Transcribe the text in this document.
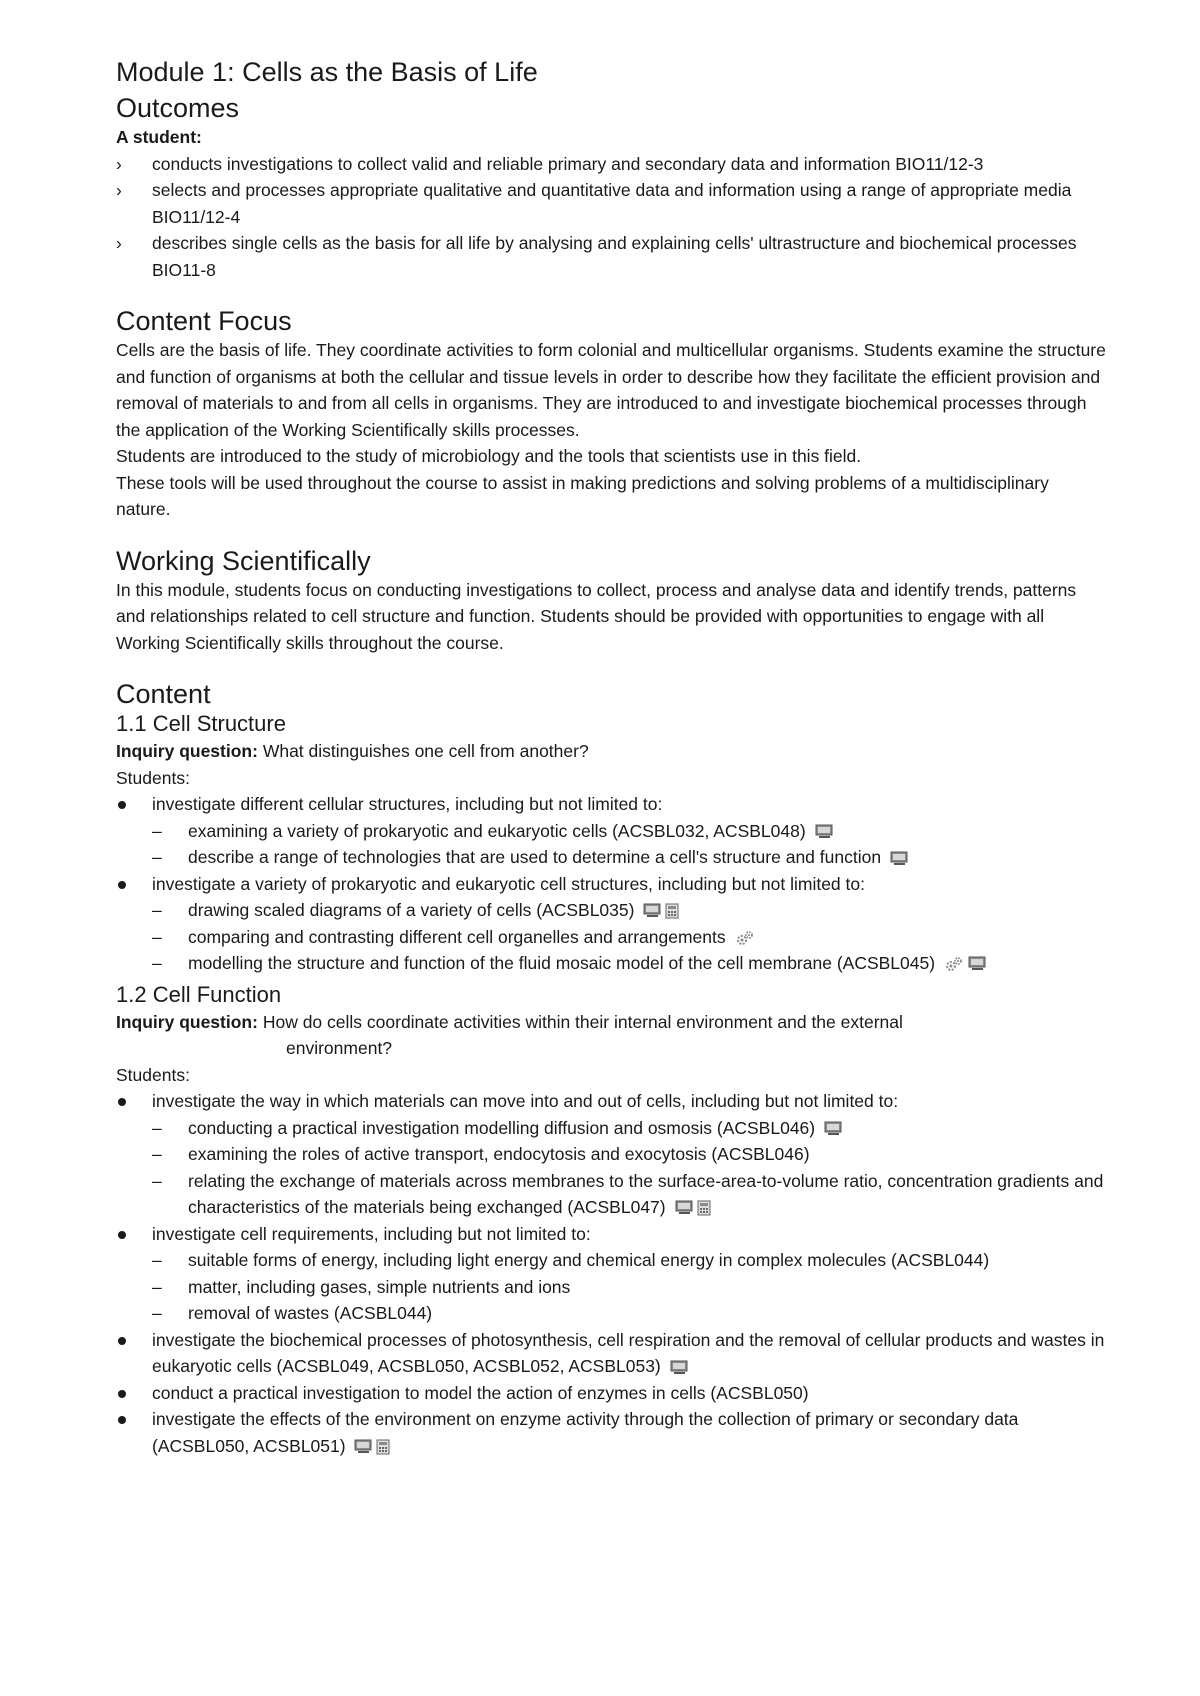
Module 1: Cells as the Basis of Life
Outcomes

A student:

› conducts investigations to collect valid and reliable primary and secondary data and information BIO11/12-3
› selects and processes appropriate qualitative and quantitative data and information using a range of appropriate media BIO11/12-4
› describes single cells as the basis for all life by analysing and explaining cells' ultrastructure and biochemical processes BIO11-8
Content Focus

Cells are the basis of life. They coordinate activities to form colonial and multicellular organisms. Students examine the structure and function of organisms at both the cellular and tissue levels in order to describe how they facilitate the efficient provision and removal of materials to and from all cells in organisms. They are introduced to and investigate biochemical processes through the application of the Working Scientifically skills processes.

Students are introduced to the study of microbiology and the tools that scientists use in this field.

These tools will be used throughout the course to assist in making predictions and solving problems of a multidisciplinary nature.

Working Scientifically

In this module, students focus on conducting investigations to collect, process and analyse data and identify trends, patterns and relationships related to cell structure and function. Students should be provided with opportunities to engage with all Working Scientifically skills throughout the course.

Content
1.1 Cell Structure

Inquiry question: What distinguishes one cell from another?

Students:

investigate different cellular structures, including but not limited to:
– examining a variety of prokaryotic and eukaryotic cells (ACSBL032, ACSBL048)
– describe a range of technologies that are used to determine a cell's structure and function
investigate a variety of prokaryotic and eukaryotic cell structures, including but not limited to:
– drawing scaled diagrams of a variety of cells (ACSBL035)
– comparing and contrasting different cell organelles and arrangements
– modelling the structure and function of the fluid mosaic model of the cell membrane (ACSBL045)
1.2 Cell Function

Inquiry question: How do cells coordinate activities within their internal environment and the external
environment?

Students:

investigate the way in which materials can move into and out of cells, including but not limited to:
– conducting a practical investigation modelling diffusion and osmosis (ACSBL046)
– examining the roles of active transport, endocytosis and exocytosis (ACSBL046)
– relating the exchange of materials across membranes to the surface-area-to-volume ratio, concentration gradients and characteristics of the materials being exchanged (ACSBL047)
investigate cell requirements, including but not limited to:
– suitable forms of energy, including light energy and chemical energy in complex molecules (ACSBL044)
– matter, including gases, simple nutrients and ions
– removal of wastes (ACSBL044)
investigate the biochemical processes of photosynthesis, cell respiration and the removal of cellular products and wastes in eukaryotic cells (ACSBL049, ACSBL050, ACSBL052, ACSBL053)
conduct a practical investigation to model the action of enzymes in cells (ACSBL050)
investigate the effects of the environment on enzyme activity through the collection of primary or secondary data (ACSBL050, ACSBL051)
